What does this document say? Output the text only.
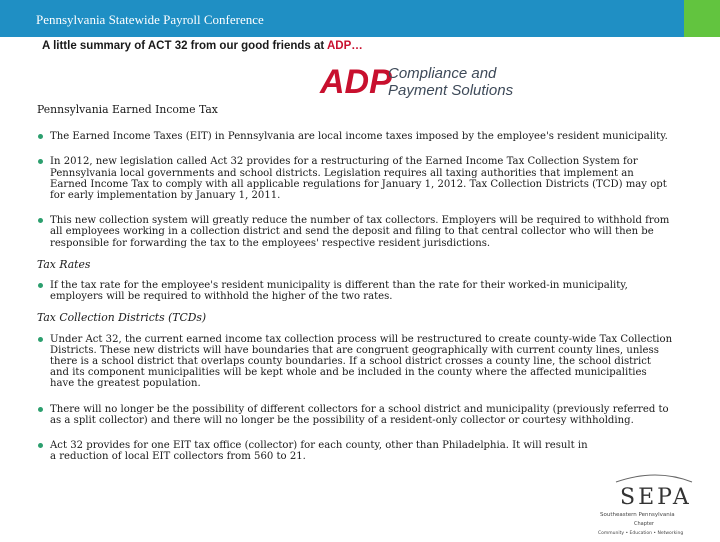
Pennsylvania Statewide Payroll Conference
A little summary of ACT 32 from our good friends at ADP…
ADP
Compliance and
Payment Solutions
Pennsylvania Earned Income Tax
The Earned Income Taxes (EIT) in Pennsylvania are local income taxes imposed by the employee's resident municipality.
In 2012, new legislation called Act 32 provides for a restructuring of the Earned Income Tax Collection System for Pennsylvania local governments and school districts. Legislation requires all taxing authorities that implement an Earned Income Tax to comply with all applicable regulations for January 1, 2012. Tax Collection Districts (TCD) may opt for early implementation by January 1, 2011.
This new collection system will greatly reduce the number of tax collectors. Employers will be required to withhold from all employees working in a collection district and send the deposit and filing to that central collector who will then be responsible for forwarding the tax to the employees' respective resident jurisdictions.
Tax Rates
If the tax rate for the employee's resident municipality is different than the rate for their worked-in municipality, employers will be required to withhold the higher of the two rates.
Tax Collection Districts (TCDs)
Under Act 32, the current earned income tax collection process will be restructured to create county-wide Tax Collection Districts. These new districts will have boundaries that are congruent geographically with current county lines, unless there is a school district that overlaps county boundaries. If a school district crosses a county line, the school district and its component municipalities will be kept whole and be included in the county where the affected municipalities have the greatest population.
There will no longer be the possibility of different collectors for a school district and municipality (previously referred to as a split collector) and there will no longer be the possibility of a resident-only collector or courtesy withholding.
Act 32 provides for one EIT tax office (collector) for each county, other than Philadelphia. It will result in a reduction of local EIT collectors from 560 to 21.
SEPA
Southeastern Pennsylvania
Chapter
Community • Education • Networking
